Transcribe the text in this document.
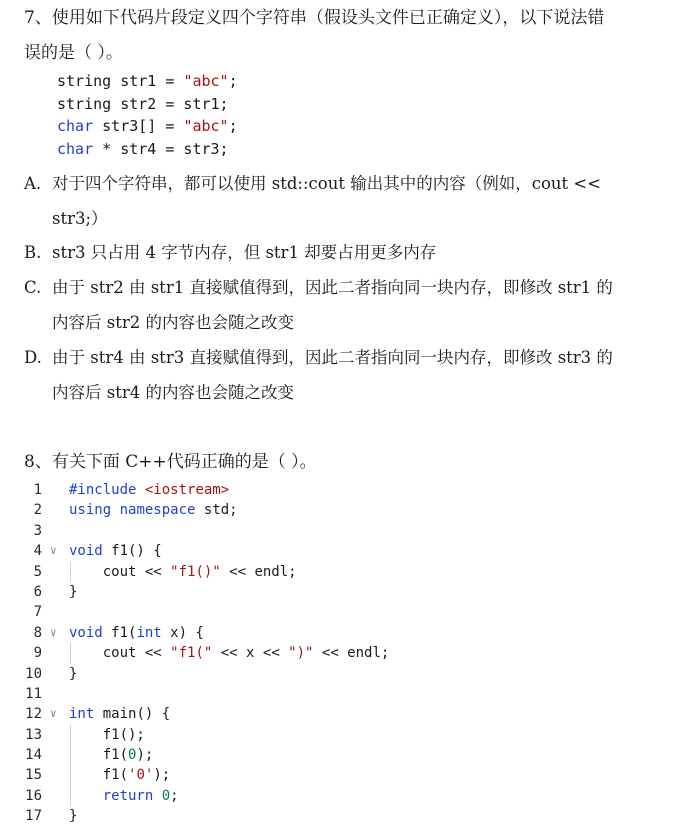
7、使用如下代码片段定义四个字符串（假设头文件已正确定义），以下说法错
误的是（ ）。
string str1 = "abc";
string str2 = str1;
char str3[] = "abc";
char * str4 = str3;
A. 对于四个字符串，都可以使用 std::cout 输出其中的内容（例如，cout <<
str3;）
B. str3 只占用 4 字节内存，但 str1 却要占用更多内存
C. 由于 str2 由 str1 直接赋值得到，因此二者指向同一块内存，即修改 str1 的
内容后 str2 的内容也会随之改变
D. 由于 str4 由 str3 直接赋值得到，因此二者指向同一块内存，即修改 str3 的
内容后 str4 的内容也会随之改变
8、有关下面 C++代码正确的是（ ）。
1 #include <iostream>
2 using namespace std;
3
4 ∨ void f1() {
5 cout << "f1()" << endl;
6 }
7
8 ∨ void f1(int x) {
9 cout << "f1(" << x << ")" << endl;
10 }
11
12 ∨ int main() {
13 f1();
14 f1(0);
15 f1('0');
16	return 0;
17 }
